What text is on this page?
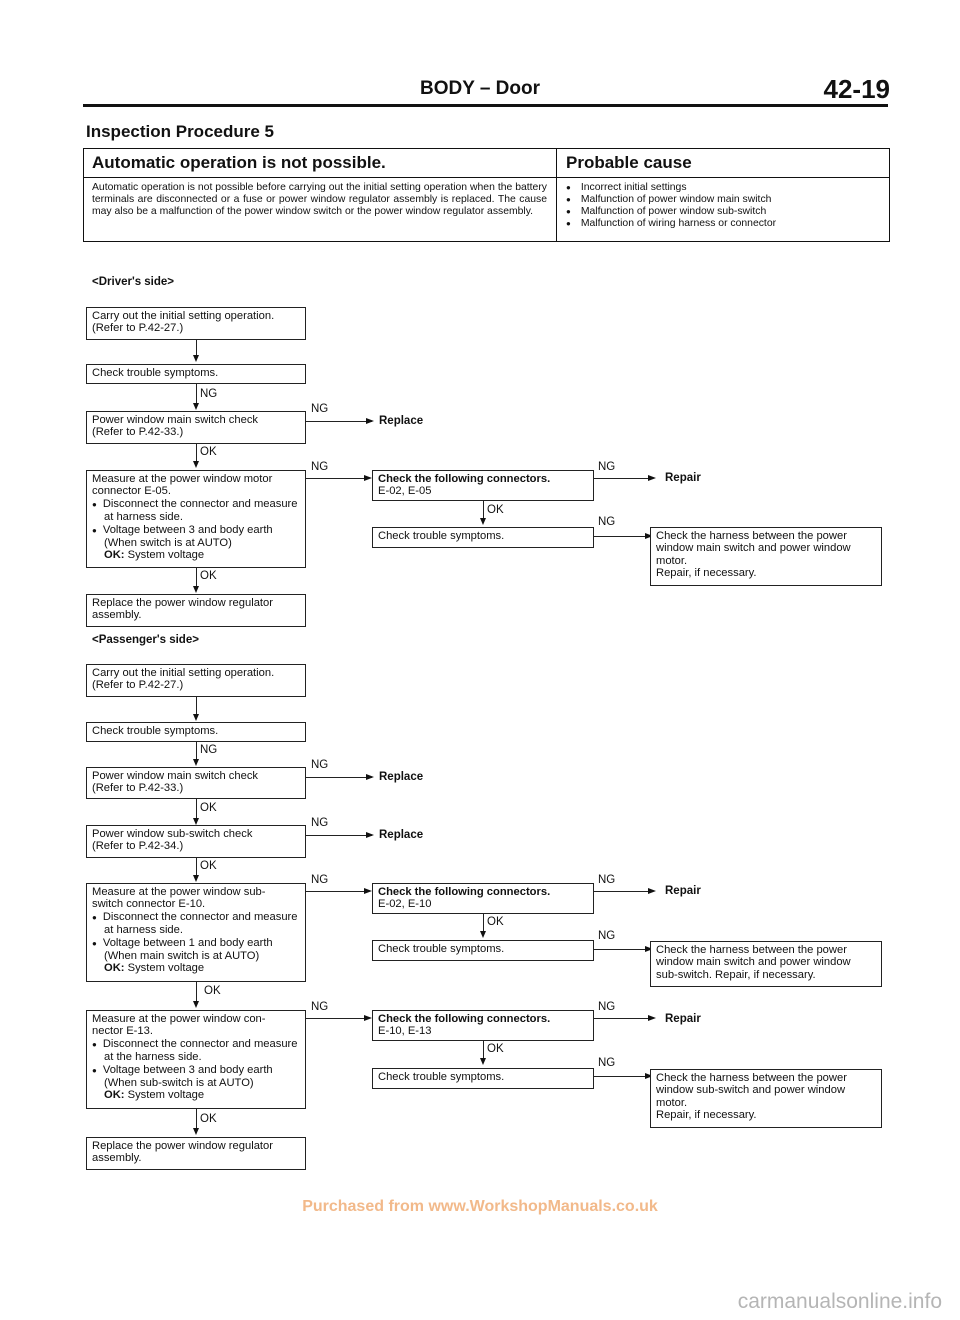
BODY – Door	42-19
Inspection Procedure 5
Automatic operation is not possible.	Probable cause
Automatic operation is not possible before carrying out the initial setting operation when the battery terminals are disconnected or a fuse or power window regulator assembly is replaced. The cause may also be a malfunction of the power window switch or the power window regulator assembly.
● Incorrect initial settings
● Malfunction of power window main switch
● Malfunction of power window sub-switch
● Malfunction of wiring harness or connector
<Driver's side>
Carry out the initial setting operation.
(Refer to P.42-27.)
Check trouble symptoms.
NG
Power window main switch check
(Refer to P.42-33.)
NG
Replace
OK
Measure at the power window motor
connector E-05.
● Disconnect the connector and measure at harness side.
● Voltage between 3 and body earth (When switch is at AUTO)
OK: System voltage
NG
Check the following connectors.
E-02, E-05
NG
Repair
OK
Check trouble symptoms.
NG
Check the harness between the power
window main switch and power window
motor.
Repair, if necessary.
OK
Replace the power window regulator
assembly.
<Passenger's side>
Carry out the initial setting operation.
(Refer to P.42-27.)
Check trouble symptoms.
NG
Power window main switch check
(Refer to P.42-33.)
NG
Replace
OK
Power window sub-switch check
(Refer to P.42-34.)
NG
Replace
OK
Measure at the power window sub-
switch connector E-10.
● Disconnect the connector and measure at harness side.
● Voltage between 1 and body earth (When main switch is at AUTO)
OK: System voltage
NG
Check the following connectors.
E-02, E-10
NG
Repair
OK
Check trouble symptoms.
NG
Check the harness between the power
window main switch and power window
sub-switch. Repair, if necessary.
OK
Measure at the power window con-
nector E-13.
● Disconnect the connector and measure at the harness side.
● Voltage between 3 and body earth (When sub-switch is at AUTO)
OK: System voltage
NG
Check the following connectors.
E-10, E-13
NG
Repair
OK
Check trouble symptoms.
NG
Check the harness between the power
window sub-switch and power window
motor.
Repair, if necessary.
OK
Replace the power window regulator
assembly.
Purchased from www.WorkshopManuals.co.uk
carmanualsonline.info
